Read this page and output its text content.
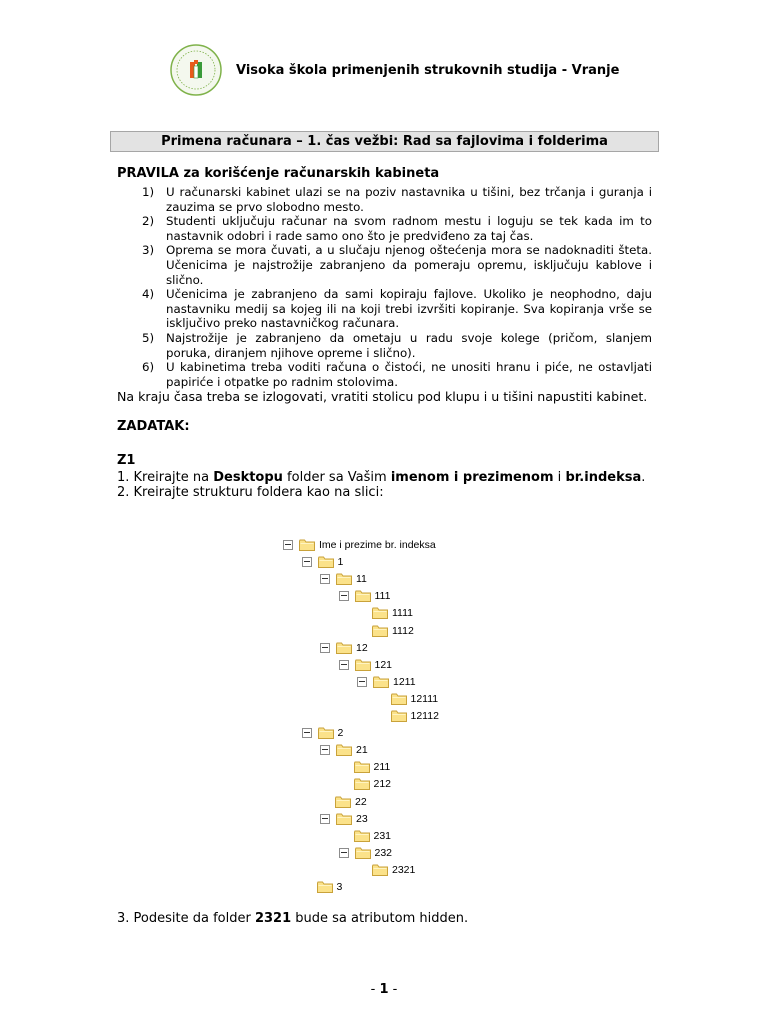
Visoka škola primenjenih strukovnih studija - Vranje
Primena računara – 1. čas vežbi: Rad sa fajlovima i folderima
PRAVILA za korišćenje računarskih kabineta
1)	U računarski kabinet ulazi se na poziv nastavnika u tišini, bez trčanja i guranja i zauzima se prvo slobodno mesto.
2)	Studenti uključuju računar na svom radnom mestu i loguju se tek kada im to nastavnik odobri i rade samo ono što je predviđeno za taj čas.
3)	Oprema se mora čuvati, a u slučaju njenog oštećenja mora se nadoknaditi šteta. Učenicima je najstrožije zabranjeno da pomeraju opremu, isključuju kablove i slično.
4)	Učenicima je zabranjeno da sami kopiraju fajlove. Ukoliko je neophodno, daju nastavniku medij sa kojeg ili na koji trebi izvršiti kopiranje. Sva kopiranja vrše se isključivo preko nastavničkog računara.
5)	Najstrožije je zabranjeno da ometaju u radu svoje kolege (pričom, slanjem poruka, diranjem njihove opreme i slično).
6)	U kabinetima treba voditi računa o čistoći, ne unositi hranu i piće, ne ostavljati papiriće i otpatke po radnim stolovima.

Na kraju časa treba se izlogovati, vratiti stolicu pod klupu i u tišini napustiti kabinet.

ZADATAK:
Z1

1. Kreirajte na Desktopu folder sa Vašim imenom i prezimenom i br.indeksa.

2. Kreirajte strukturu foldera kao na slici:

Ime i prezime br. indeksa
1
11
111
1111
1112
12
121
1211
12111
12112
2
21
211
212
22
23
231
232
2321
3

3. Podesite da folder 2321 bude sa atributom hidden.

- 1 -
